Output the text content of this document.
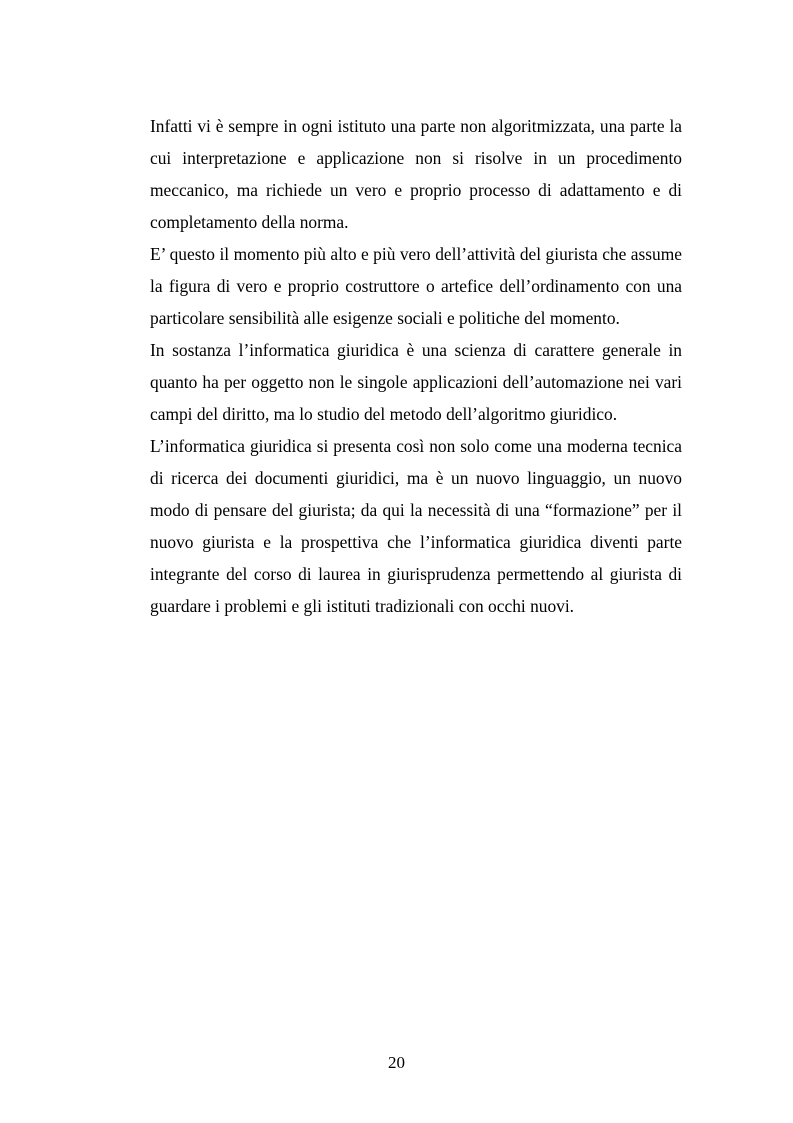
Infatti vi è sempre in ogni istituto una parte non algoritmizzata, una parte la cui interpretazione e applicazione non si risolve in un procedimento meccanico, ma richiede un vero e proprio processo di adattamento e di completamento della norma.

E’ questo il momento più alto e più vero dell’attività del giurista che assume la figura di vero e proprio costruttore o artefice dell’ordinamento con una particolare sensibilità alle esigenze sociali e politiche del momento.

In sostanza l’informatica giuridica è una scienza di carattere generale in quanto ha per oggetto non le singole applicazioni dell’automazione nei vari campi del diritto, ma lo studio del metodo dell’algoritmo giuridico.

L’informatica giuridica si presenta così non solo come una moderna tecnica di ricerca dei documenti giuridici, ma è un nuovo linguaggio, un nuovo modo di pensare del giurista; da qui la necessità di una “formazione” per il nuovo giurista e la prospettiva che l’informatica giuridica diventi parte integrante del corso di laurea in giurisprudenza permettendo al giurista di guardare i problemi e gli istituti tradizionali con occhi nuovi.

20
